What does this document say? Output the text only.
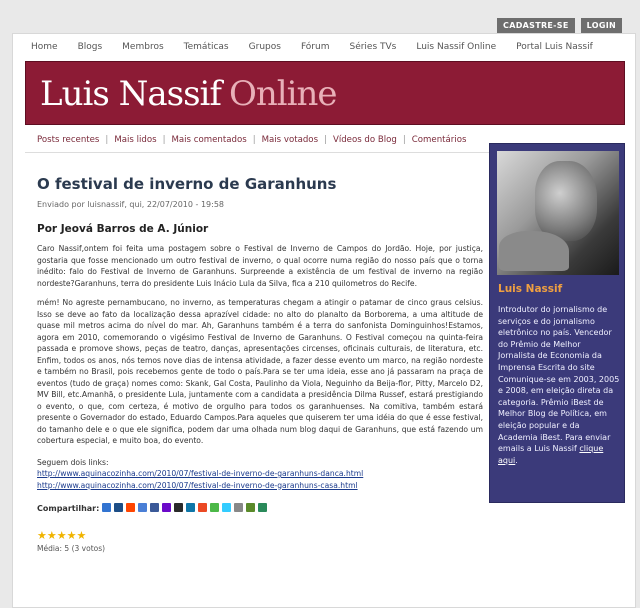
CADASTRE-SE	LOGIN
Home Blogs Membros Temáticas Grupos Fórum Séries TVs Luis Nassif Online Portal Luis Nassif
Luis Nassif Online
Posts recentes | Mais lidos | Mais comentados | Mais votados | Vídeos do Blog | Comentários
O festival de inverno de Garanhuns
Enviado por luisnassif, qui, 22/07/2010 - 19:58
Por Jeová Barros de A. Júnior

Caro Nassif,ontem foi feita uma postagem sobre o Festival de Inverno de Campos do Jordão. Hoje, por justiça, gostaria que fosse mencionado um outro festival de inverno, o qual ocorre numa região do nosso país que o torna inédito: falo do Festival de Inverno de Garanhuns. Surpreende a existência de um festival de inverno na região nordeste?Garanhuns, terra do presidente Luis Inácio Lula da Silva, fica a 210 quilometros do Recife.

mém! No agreste pernambucano, no inverno, as temperaturas chegam a atingir o patamar de cinco graus celsius. Isso se deve ao fato da localização dessa aprazível cidade: no alto do planalto da Borborema, a uma altitude de quase mil metros acima do nível do mar. Ah, Garanhuns também é a terra do sanfonista Dominguinhos!Estamos, agora em 2010, comemorando o vigésimo Festival de Inverno de Garanhuns. O Festival começou na quinta-feira passada e promove shows, peças de teatro, danças, apresentações circenses, oficinais culturais, de literatura, etc. Enfim, todos os anos, nós temos nove dias de intensa atividade, a fazer desse evento um marco, na região nordeste e também no Brasil, pois recebemos gente de todo o país.Para se ter uma ideia, esse ano já passaram na praça de eventos (tudo de graça) nomes como: Skank, Gal Costa, Paulinho da Viola, Neguinho da Beija-flor, Pitty, Marcelo D2, MV Bill, etc.Amanhã, o presidente Lula, juntamente com a candidata a presidência Dilma Russef, estará prestigiando o evento, o que, com certeza, é motivo de orgulho para todos os garanhuenses. Na comitiva, também estará presente o Governador do estado, Eduardo Campos.Para aqueles que quiserem ter uma idéia do que é esse festival, do tamanho dele e o que ele significa, podem dar uma olhada num blog daqui de Garanhuns, que está fazendo um cobertura especial, e muito boa, do evento.

Seguem dois links:
http://www.aquinacozinha.com/2010/07/festival-de-inverno-de-garanhuns-danca.html
http://www.aquinacozinha.com/2010/07/festival-de-inverno-de-garanhuns-casa.html
Compartilhar:
★★★★★
Média: 5 (3 votos)
Luis Nassif
Introdutor do jornalismo de serviços e do jornalismo eletrônico no país. Vencedor do Prêmio de Melhor Jornalista de Economia da Imprensa Escrita do site Comunique-se em 2003, 2005 e 2008, em eleição direta da categoria. Prêmio iBest de Melhor Blog de Política, em eleição popular e da Academia iBest. Para enviar emails a Luis Nassif clique aqui.
